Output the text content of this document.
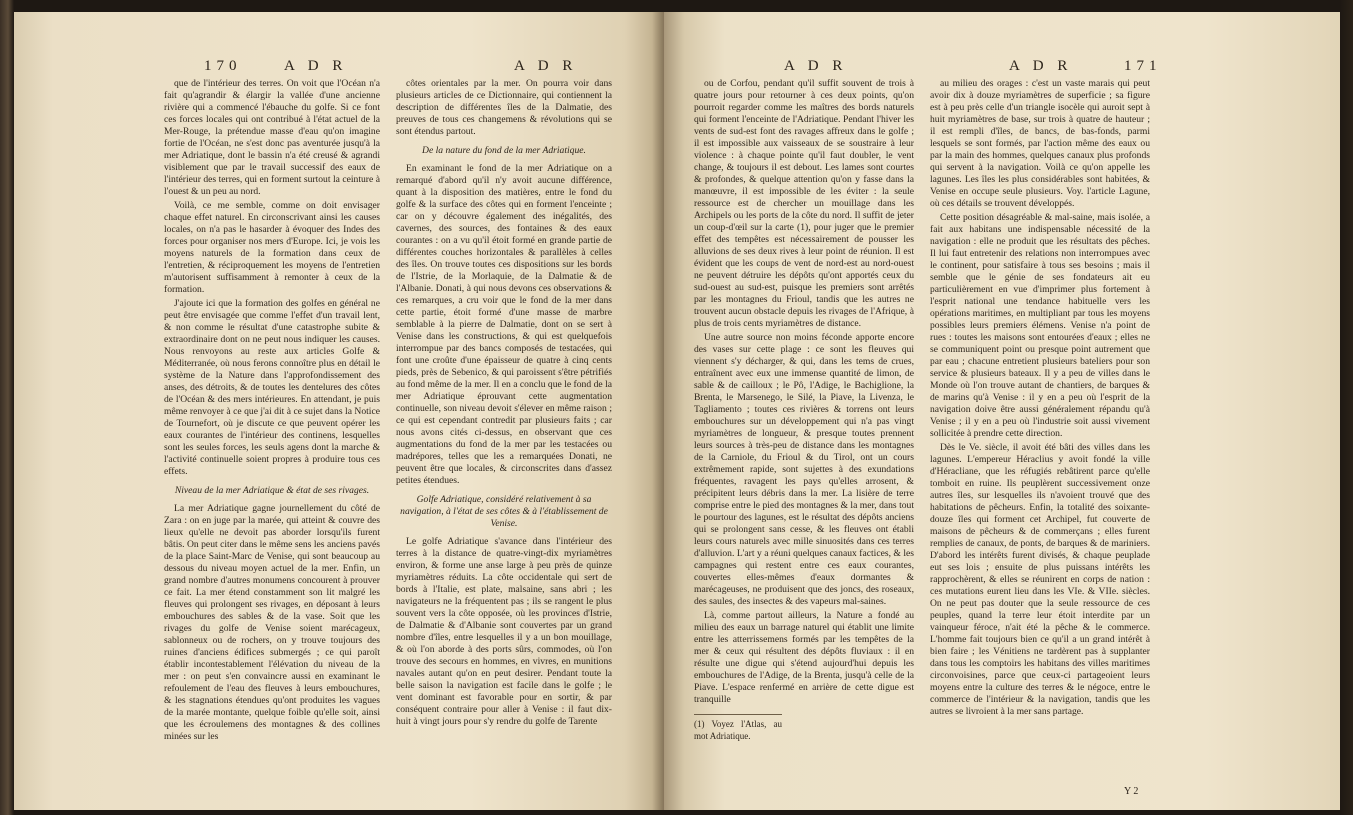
170	A D R	A D R

que de l'intérieur des terres. On voit que l'Océan n'a fait qu'agrandir & élargir la vallée d'une ancienne rivière qui a commencé l'ébauche du golfe. Si ce font ces forces locales qui ont contribué à l'état actuel de la Mer-Rouge, la prétendue masse d'eau qu'on imagine fortie de l'Océan, ne s'est donc pas aventurée jusqu'à la mer Adriatique, dont le bassin n'a été creusé & agrandi visiblement que par le travail successif des eaux de l'intérieur des terres, qui en forment surtout la ceinture à l'ouest & un peu au nord.

Voilà, ce me semble, comme on doit envisager chaque effet naturel. En circonscrivant ainsi les causes locales, on n'a pas le hasarder à évoquer des Indes des forces pour organiser nos mers d'Europe. Ici, je vois les moyens naturels de la formation dans ceux de l'entretien, & réciproquement les moyens de l'entretien m'autorisent suffisamment à remonter à ceux de la formation.

J'ajoute ici que la formation des golfes en général ne peut être envisagée que comme l'effet d'un travail lent, & non comme le résultat d'une catastrophe subite & extraordinaire dont on ne peut nous indiquer les causes. Nous renvoyons au reste aux articles Golfe & Méditerranée, où nous ferons connoître plus en détail le système de la Nature dans l'approfondissement des anses, des détroits, & de toutes les dentelures des côtes de l'Océan & des mers intérieures. En attendant, je puis même renvoyer à ce que j'ai dit à ce sujet dans la Notice de Tournefort, où je discute ce que peuvent opérer les eaux courantes de l'intérieur des continens, lesquelles sont les seules forces, les seuls agens dont la marche & l'activité continuelle soient propres à produire tous ces effets.

Niveau de la mer Adriatique & état de ses rivages.

La mer Adriatique gagne journellement du côté de Zara : on en juge par la marée, qui atteint & couvre des lieux qu'elle ne devoit pas aborder lorsqu'ils furent bâtis. On peut citer dans le même sens les anciens pavés de la place Saint-Marc de Venise, qui sont beaucoup au dessous du niveau moyen actuel de la mer. Enfin, un grand nombre d'autres monumens concourent à prouver ce fait. La mer étend constamment son lit malgré les fleuves qui prolongent ses rivages, en déposant à leurs embouchures des sables & de la vase. Soit que les rivages du golfe de Venise soient marécageux, sablonneux ou de rochers, on y trouve toujours des ruines d'anciens édifices submergés ; ce qui paroît établir incontestablement l'élévation du niveau de la mer : on peut s'en convaincre aussi en examinant le refoulement de l'eau des fleuves à leurs embouchures, & les stagnations étendues qu'ont produites les vagues de la marée montante, quelque foible qu'elle soit, ainsi que les écroulemens des montagnes & des collines minées sur les

côtes orientales par la mer. On pourra voir dans plusieurs articles de ce Dictionnaire, qui contiennent la description de différentes îles de la Dalmatie, des preuves de tous ces changemens & révolutions qui se sont étendus partout.

De la nature du fond de la mer Adriatique.

En examinant le fond de la mer Adriatique on a remarqué d'abord qu'il n'y avoit aucune différence, quant à la disposition des matières, entre le fond du golfe & la surface des côtes qui en forment l'enceinte ; car on y découvre également des inégalités, des cavernes, des sources, des fontaines & des eaux courantes : on a vu qu'il étoit formé en grande partie de différentes couches horizontales & parallèles à celles des îles. On trouve toutes ces dispositions sur les bords de l'Istrie, de la Morlaquie, de la Dalmatie & de l'Albanie. Donati, à qui nous devons ces observations & ces remarques, a cru voir que le fond de la mer dans cette partie, étoit formé d'une masse de marbre semblable à la pierre de Dalmatie, dont on se sert à Venise dans les constructions, & qui est quelquefois interrompue par des bancs composés de testacées, qui font une croûte d'une épaisseur de quatre à cinq cents pieds, près de Sebenico, & qui paroissent s'être pétrifiés au fond même de la mer. Il en a conclu que le fond de la mer Adriatique éprouvant cette augmentation continuelle, son niveau devoit s'élever en même raison ; ce qui est cependant contredit par plusieurs faits ; car nous avons cités ci-dessus, en observant que ces augmentations du fond de la mer par les testacées ou madrépores, telles que les a remarquées Donati, ne peuvent être que locales, & circonscrites dans d'assez petites étendues.

Golfe Adriatique, considéré relativement à sa navigation, à l'état de ses côtes & à l'établissement de Venise.

Le golfe Adriatique s'avance dans l'intérieur des terres à la distance de quatre-vingt-dix myriamètres environ, & forme une anse large à peu près de quinze myriamètres réduits. La côte occidentale qui sert de bords à l'Italie, est plate, malsaine, sans abri ; les navigateurs ne la fréquentent pas ; ils se rangent le plus souvent vers la côte opposée, où les provinces d'Istrie, de Dalmatie & d'Albanie sont couvertes par un grand nombre d'îles, entre lesquelles il y a un bon mouillage, & où l'on aborde à des ports sûrs, commodes, où l'on trouve des secours en hommes, en vivres, en munitions navales autant qu'on en peut desirer. Pendant toute la belle saison la navigation est facile dans le golfe ; le vent dominant est favorable pour en sortir, & par conséquent contraire pour aller à Venise : il faut dix-huit à vingt jours pour s'y rendre du golfe de Tarente

A D R	A D R	171

ou de Corfou, pendant qu'il suffit souvent de trois à quatre jours pour retourner à ces deux points, qu'on pourroit regarder comme les maîtres des bords naturels qui forment l'enceinte de l'Adriatique. Pendant l'hiver les vents de sud-est font des ravages affreux dans le golfe ; il est impossible aux vaisseaux de se soustraire à leur violence : à chaque pointe qu'il faut doubler, le vent change, & toujours il est debout. Les lames sont courtes & profondes, & quelque attention qu'on y fasse dans la manœuvre, il est impossible de les éviter : la seule ressource est de chercher un mouillage dans les Archipels ou les ports de la côte du nord. Il suffit de jeter un coup-d'œil sur la carte (1), pour juger que le premier effet des tempêtes est nécessairement de pousser les alluvions de ses deux rives à leur point de réunion. Il est évident que les coups de vent de nord-est au nord-ouest ne peuvent détruire les dépôts qu'ont apportés ceux du sud-ouest au sud-est, puisque les premiers sont arrêtés par les montagnes du Frioul, tandis que les autres ne trouvent aucun obstacle depuis les rivages de l'Afrique, à plus de trois cents myriamètres de distance.

Une autre source non moins féconde apporte encore des vases sur cette plage : ce sont les fleuves qui viennent s'y décharger, & qui, dans les tems de crues, entraînent avec eux une immense quantité de limon, de sable & de cailloux ; le Pô, l'Adige, le Bachiglione, la Brenta, le Marsenego, le Silé, la Piave, la Livenza, le Tagliamento ; toutes ces rivières & torrens ont leurs embouchures sur un développement qui n'a pas vingt myriamètres de longueur, & presque toutes prennent leurs sources à très-peu de distance dans les montagnes de la Carniole, du Frioul & du Tirol, ont un cours extrêmement rapide, sont sujettes à des exundations fréquentes, ravagent les pays qu'elles arrosent, & précipitent leurs débris dans la mer. La lisière de terre comprise entre le pied des montagnes & la mer, dans tout le pourtour des lagunes, est le résultat des dépôts anciens qui se prolongent sans cesse, & les fleuves ont établi leurs cours naturels avec mille sinuosités dans ces terres d'alluvion. L'art y a réuni quelques canaux factices, & les campagnes qui restent entre ces eaux courantes, couvertes elles-mêmes d'eaux dormantes & marécageuses, ne produisent que des joncs, des roseaux, des saules, des insectes & des vapeurs mal-saines.

Là, comme partout ailleurs, la Nature a fondé au milieu des eaux un barrage naturel qui établit une limite entre les atterrissemens formés par les tempêtes de la mer & ceux qui résultent des dépôts fluviaux : il en résulte une digue qui s'étend aujourd'hui depuis les embouchures de l'Adige, de la Brenta, jusqu'à celle de la Piave. L'espace renfermé en arrière de cette digue est tranquille

(1) Voyez l'Atlas, au mot Adriatique.

au milieu des orages : c'est un vaste marais qui peut avoir dix à douze myriamètres de superficie ; sa figure est à peu près celle d'un triangle isocèle qui auroit sept à huit myriamètres de base, sur trois à quatre de hauteur ; il est rempli d'îles, de bancs, de bas-fonds, parmi lesquels se sont formés, par l'action même des eaux ou par la main des hommes, quelques canaux plus profonds qui servent à la navigation. Voilà ce qu'on appelle les lagunes. Les îles les plus considérables sont habitées, & Venise en occupe seule plusieurs. Voy. l'article Lagune, où ces détails se trouvent développés.

Cette position désagréable & mal-saine, mais isolée, a fait aux habitans une indispensable nécessité de la navigation : elle ne produit que les résultats des pêches. Il lui faut entretenir des relations non interrompues avec le continent, pour satisfaire à tous ses besoins ; mais il semble que le génie de ses fondateurs ait eu particulièrement en vue d'imprimer plus fortement à l'esprit national une tendance habituelle vers les opérations maritimes, en multipliant par tous les moyens possibles leurs premiers élémens. Venise n'a point de rues : toutes les maisons sont entourées d'eaux ; elles ne se communiquent point ou presque point autrement que par eau ; chacune entretient plusieurs bateliers pour son service & plusieurs bateaux. Il y a peu de villes dans le Monde où l'on trouve autant de chantiers, de barques & de marins qu'à Venise : il y en a peu où l'esprit de la navigation doive être aussi généralement répandu qu'à Venise ; il y en a peu où l'industrie soit aussi vivement sollicitée à prendre cette direction.

Dès le Ve. siècle, il avoit été bâti des villes dans les lagunes. L'empereur Héraclius y avoit fondé la ville d'Héracliane, que les réfugiés rebâtirent parce qu'elle tomboit en ruine. Ils peuplèrent successivement onze autres îles, sur lesquelles ils n'avoient trouvé que des habitations de pêcheurs. Enfin, la totalité des soixante-douze îles qui forment cet Archipel, fut couverte de maisons de pêcheurs & de commerçans ; elles furent remplies de canaux, de ponts, de barques & de mariniers. D'abord les intérêts furent divisés, & chaque peuplade eut ses lois ; ensuite de plus puissans intérêts les rapprochèrent, & elles se réunirent en corps de nation : ces mutations eurent lieu dans les VIe. & VIIe. siècles. On ne peut pas douter que la seule ressource de ces peuples, quand la terre leur étoit interdite par un vainqueur féroce, n'ait été la pêche & le commerce. L'homme fait toujours bien ce qu'il a un grand intérêt à bien faire ; les Vénitiens ne tardèrent pas à supplanter dans tous les comptoirs les habitans des villes maritimes circonvoisines, parce que ceux-ci partageoient leurs moyens entre la culture des terres & le négoce, entre le commerce de l'intérieur & la navigation, tandis que les autres se livroient à la mer sans partage.

Y 2
